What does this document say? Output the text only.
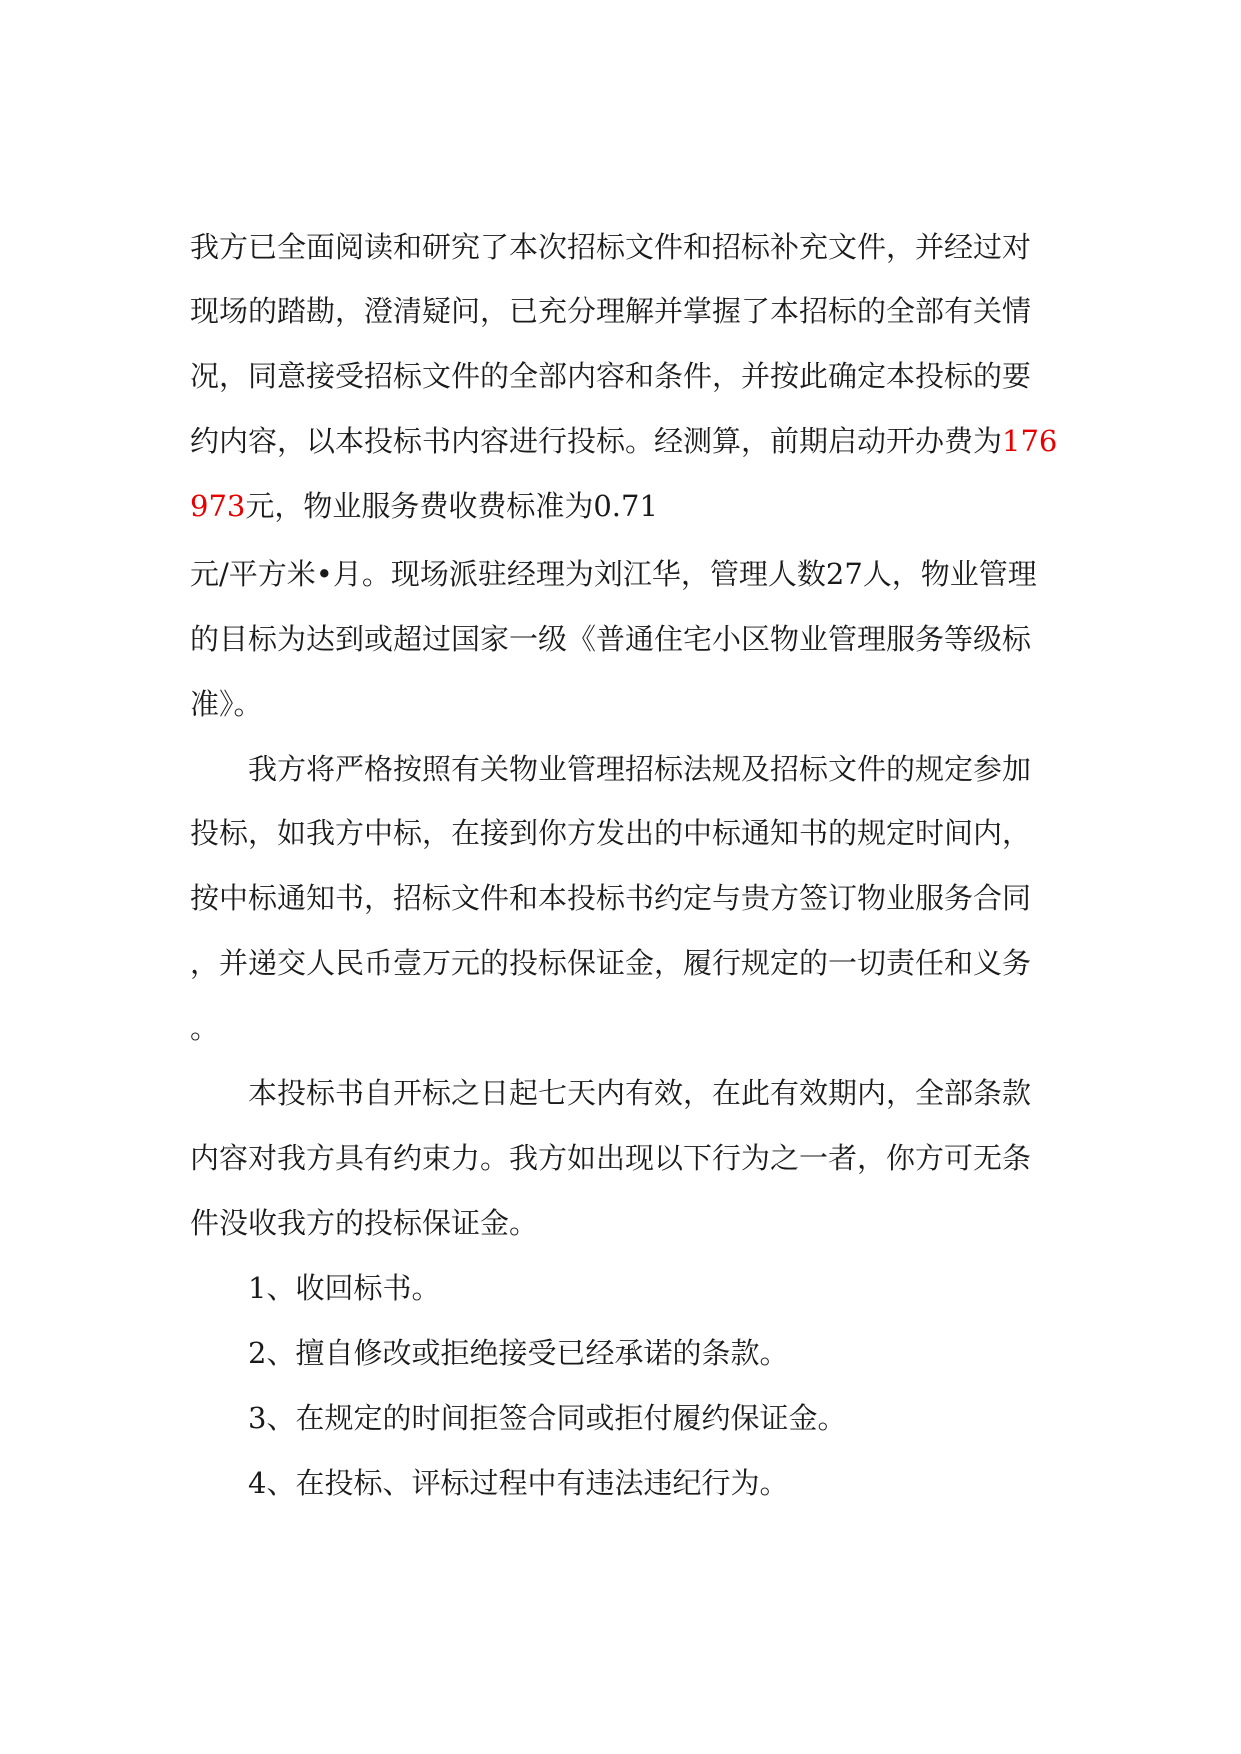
我方已全面阅读和研究了本次招标文件和招标补充文件，并经过对

现场的踏勘，澄清疑问，已充分理解并掌握了本招标的全部有关情

况，同意接受招标文件的全部内容和条件，并按此确定本投标的要

约内容，以本投标书内容进行投标。经测算，前期启动开办费为176

973元，物业服务费收费标准为0.71

元/平方米•月。现场派驻经理为刘江华，管理人数27人，物业管理

的目标为达到或超过国家一级《普通住宅小区物业管理服务等级标

准》。

我方将严格按照有关物业管理招标法规及招标文件的规定参加

投标，如我方中标，在接到你方发出的中标通知书的规定时间内，

按中标通知书，招标文件和本投标书约定与贵方签订物业服务合同

，并递交人民币壹万元的投标保证金，履行规定的一切责任和义务

。

本投标书自开标之日起七天内有效，在此有效期内，全部条款

内容对我方具有约束力。我方如出现以下行为之一者，你方可无条

件没收我方的投标保证金。

1、收回标书。

2、擅自修改或拒绝接受已经承诺的条款。

3、在规定的时间拒签合同或拒付履约保证金。

4、在投标、评标过程中有违法违纪行为。
